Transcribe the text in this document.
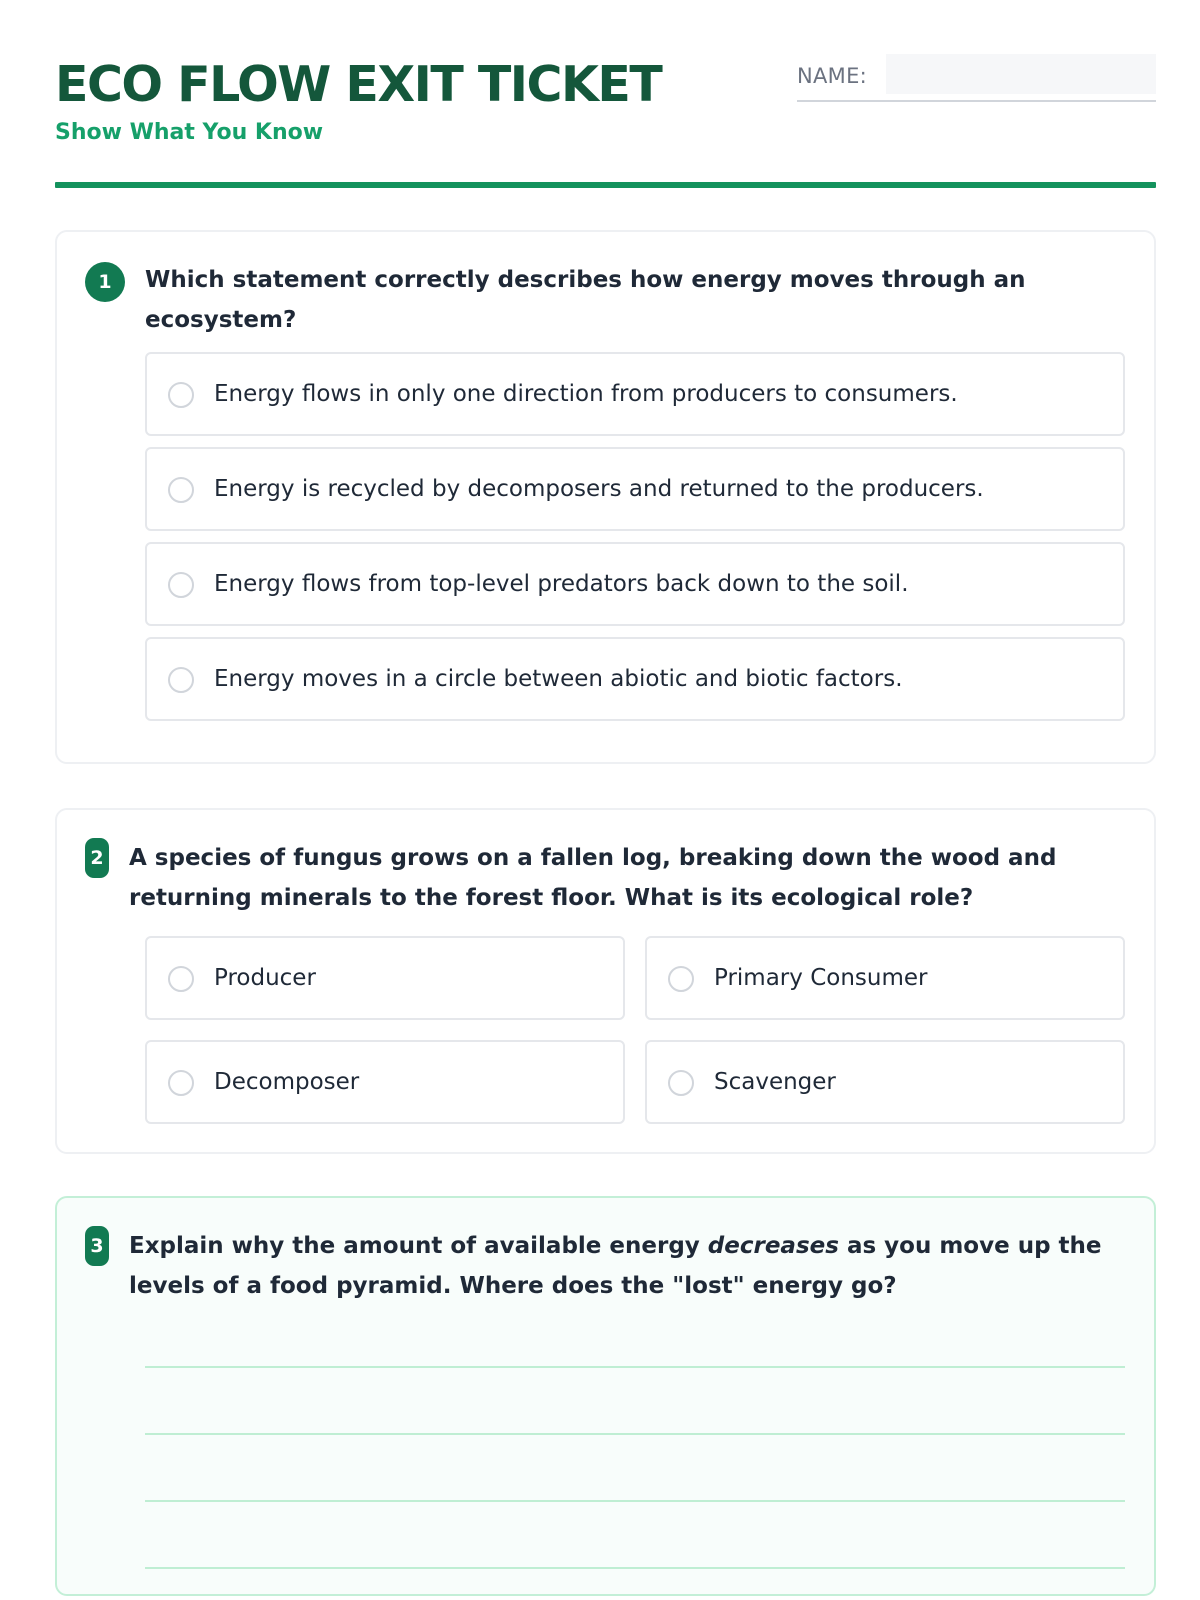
ECO FLOW EXIT TICKET
Show What You Know
NAME:
1	Which statement correctly describes how energy moves through an ecosystem?
Energy flows in only one direction from producers to consumers.
Energy is recycled by decomposers and returned to the producers.
Energy flows from top-level predators back down to the soil.
Energy moves in a circle between abiotic and biotic factors.
2 A species of fungus grows on a fallen log, breaking down the wood and returning minerals to the forest floor. What is its ecological role?
Producer	Primary Consumer
Decomposer	Scavenger
3 Explain why the amount of available energy decreases as you move up the levels of a food pyramid. Where does the "lost" energy go?
